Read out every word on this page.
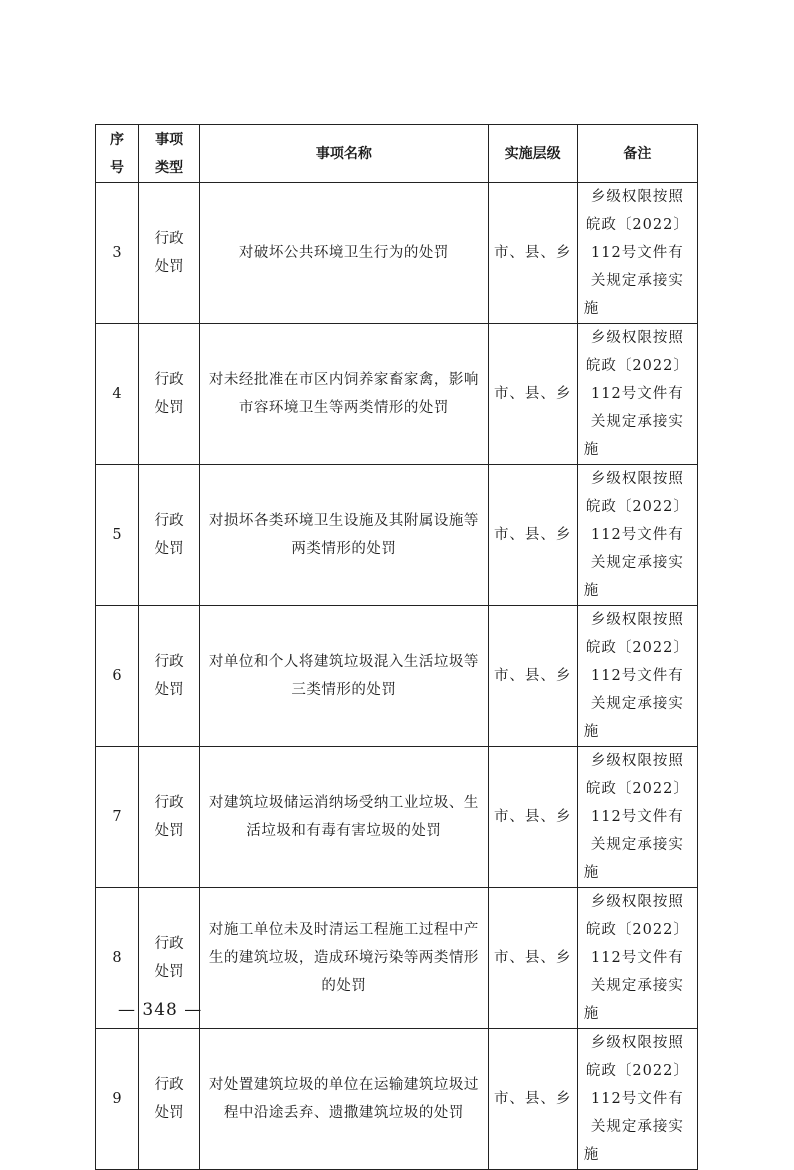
序号	事项类型	事项名称	实施层级	备注
3	行政处罚	对破坏公共环境卫生行为的处罚	市、县、乡	乡级权限按照皖政〔2022〕112号文件有关规定承接实施
4	行政处罚	对未经批准在市区内饲养家畜家禽，影响市容环境卫生等两类情形的处罚	市、县、乡	乡级权限按照皖政〔2022〕112号文件有关规定承接实施
5	行政处罚	对损坏各类环境卫生设施及其附属设施等两类情形的处罚	市、县、乡	乡级权限按照皖政〔2022〕112号文件有关规定承接实施
6	行政处罚	对单位和个人将建筑垃圾混入生活垃圾等三类情形的处罚	市、县、乡	乡级权限按照皖政〔2022〕112号文件有关规定承接实施
7	行政处罚	对建筑垃圾储运消纳场受纳工业垃圾、生活垃圾和有毒有害垃圾的处罚	市、县、乡	乡级权限按照皖政〔2022〕112号文件有关规定承接实施
8	行政处罚	对施工单位未及时清运工程施工过程中产生的建筑垃圾，造成环境污染等两类情形的处罚	市、县、乡	乡级权限按照皖政〔2022〕112号文件有关规定承接实施
9	行政处罚	对处置建筑垃圾的单位在运输建筑垃圾过程中沿途丢弃、遗撒建筑垃圾的处罚	市、县、乡	乡级权限按照皖政〔2022〕112号文件有关规定承接实施
— 348 —
